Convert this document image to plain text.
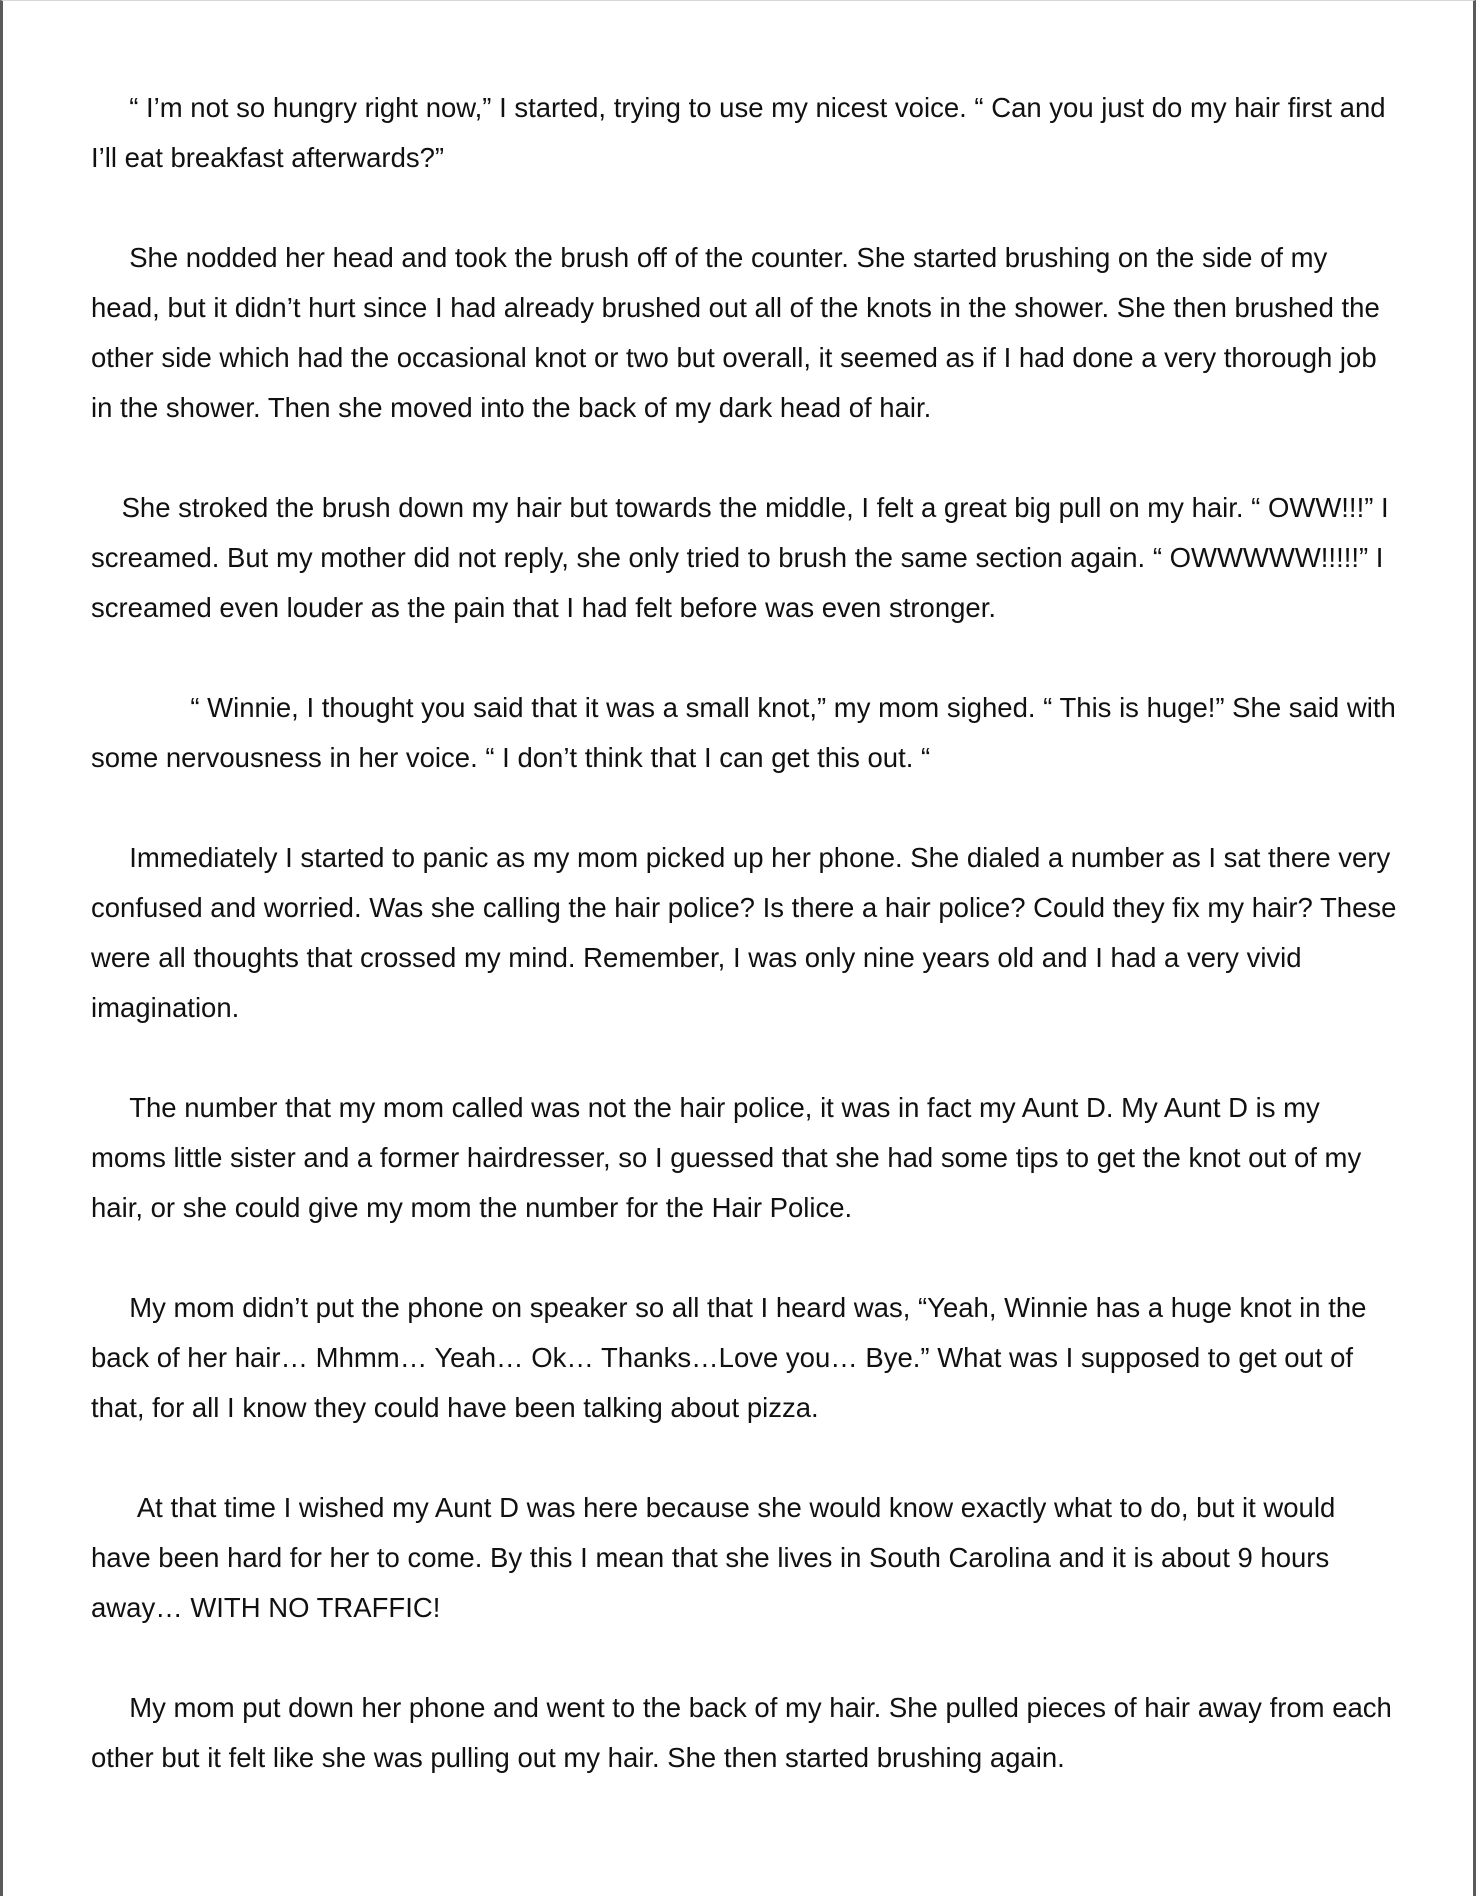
“ I’m not so hungry right now,” I started, trying to use my nicest voice. “ Can you just do my hair first and I’ll eat breakfast afterwards?”

She nodded her head and took the brush off of the counter. She started brushing on the side of my head, but it didn’t hurt since I had already brushed out all of the knots in the shower. She then brushed the other side which had the occasional knot or two but overall, it seemed as if I had done a very thorough job in the shower. Then she moved into the back of my dark head of hair.

She stroked the brush down my hair but towards the middle, I felt a great big pull on my hair. “ OWW!!!” I screamed. But my mother did not reply, she only tried to brush the same section again. “ OWWWWW!!!!!” I screamed even louder as the pain that I had felt before was even stronger.

“ Winnie, I thought you said that it was a small knot,” my mom sighed. “ This is huge!” She said with some nervousness in her voice. “ I don’t think that I can get this out. “

Immediately I started to panic as my mom picked up her phone. She dialed a number as I sat there very confused and worried. Was she calling the hair police? Is there a hair police? Could they fix my hair? These were all thoughts that crossed my mind. Remember, I was only nine years old and I had a very vivid imagination.

The number that my mom called was not the hair police, it was in fact my Aunt D. My Aunt D is my moms little sister and a former hairdresser, so I guessed that she had some tips to get the knot out of my hair, or she could give my mom the number for the Hair Police.

My mom didn’t put the phone on speaker so all that I heard was, “Yeah, Winnie has a huge knot in the back of her hair… Mhmm… Yeah… Ok… Thanks…Love you… Bye.” What was I supposed to get out of that, for all I know they could have been talking about pizza.

At that time I wished my Aunt D was here because she would know exactly what to do, but it would have been hard for her to come. By this I mean that she lives in South Carolina and it is about 9 hours away… WITH NO TRAFFIC!

My mom put down her phone and went to the back of my hair. She pulled pieces of hair away from each other but it felt like she was pulling out my hair. She then started brushing again.
